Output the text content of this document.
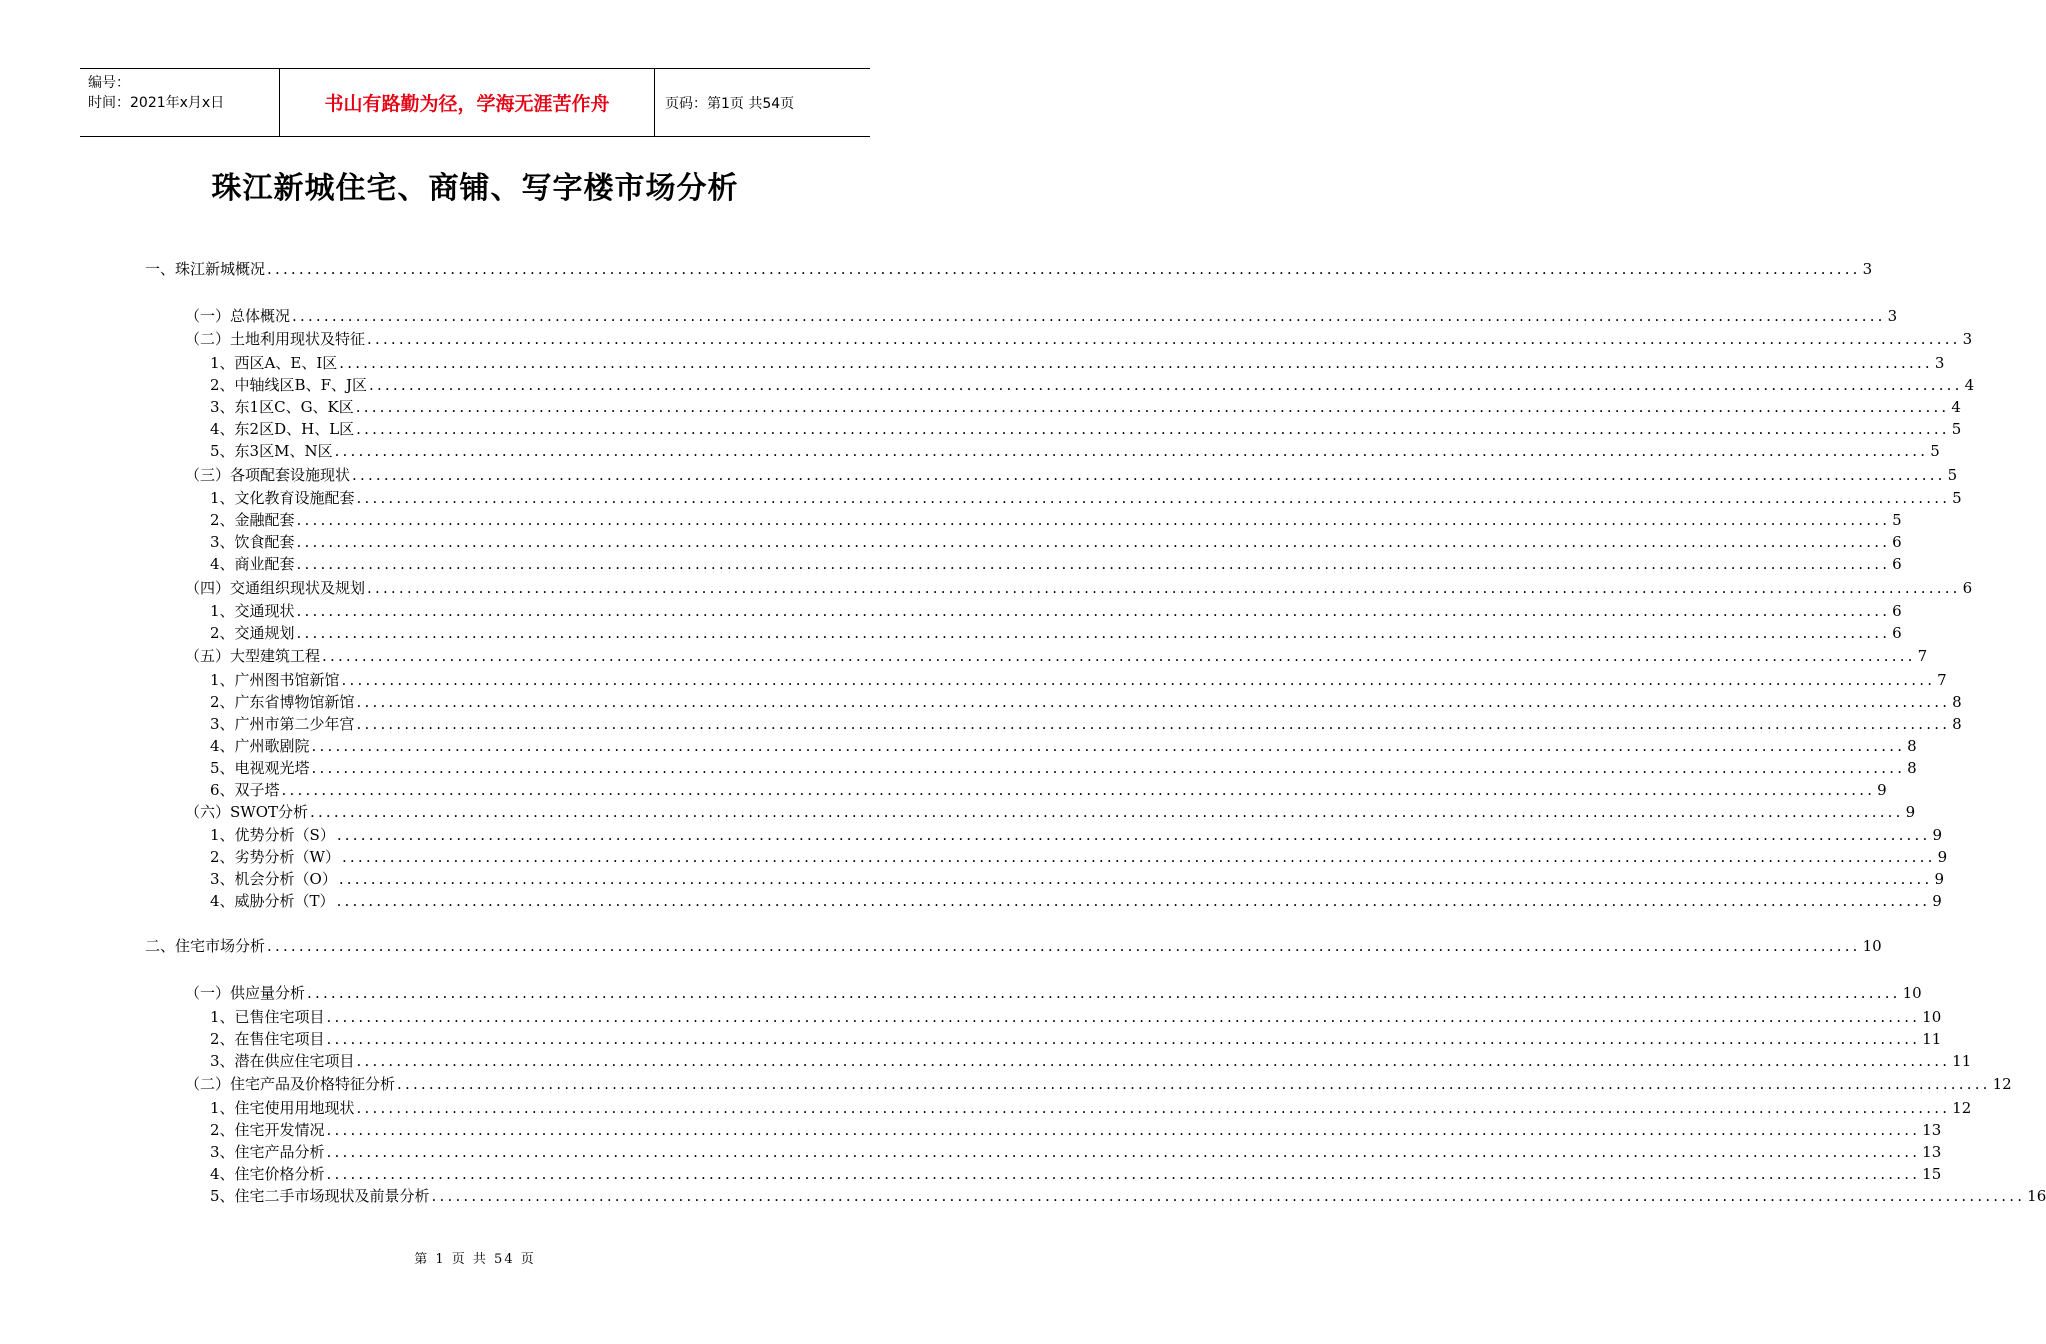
编号：
时间：2021年x月x日	书山有路勤为径，学海无涯苦作舟	页码：第1页 共54页
珠江新城住宅、商铺、写字楼市场分析
一、珠江新城概况 ........................................................................................................................................................................................................ 3
（一）总体概况 ........................................................................................................................................................................................................ 3
（二）土地利用现状及特征 ........................................................................................................................................................................................................ 3
1、西区A、E、I区 ........................................................................................................................................................................................................ 3
2、中轴线区B、F、J区 ........................................................................................................................................................................................................ 4
3、东1区C、G、K区 ........................................................................................................................................................................................................ 4
4、东2区D、H、L区 ........................................................................................................................................................................................................ 5
5、东3区M、N区 ........................................................................................................................................................................................................ 5
（三）各项配套设施现状 ........................................................................................................................................................................................................ 5
1、文化教育设施配套 ........................................................................................................................................................................................................ 5
2、金融配套 ........................................................................................................................................................................................................ 5
3、饮食配套 ........................................................................................................................................................................................................ 6
4、商业配套 ........................................................................................................................................................................................................ 6
（四）交通组织现状及规划 ........................................................................................................................................................................................................ 6
1、交通现状 ........................................................................................................................................................................................................ 6
2、交通规划 ........................................................................................................................................................................................................ 6
（五）大型建筑工程 ........................................................................................................................................................................................................ 7
1、广州图书馆新馆 ........................................................................................................................................................................................................ 7
2、广东省博物馆新馆 ........................................................................................................................................................................................................ 8
3、广州市第二少年宫 ........................................................................................................................................................................................................ 8
4、广州歌剧院 ........................................................................................................................................................................................................ 8
5、电视观光塔 ........................................................................................................................................................................................................ 8
6、双子塔 ........................................................................................................................................................................................................ 9
（六）SWOT分析 ........................................................................................................................................................................................................ 9
1、优势分析（S） ........................................................................................................................................................................................................ 9
2、劣势分析（W） ........................................................................................................................................................................................................ 9
3、机会分析（O） ........................................................................................................................................................................................................ 9
4、威胁分析（T） ........................................................................................................................................................................................................ 9
二、住宅市场分析 ........................................................................................................................................................................................................ 10
（一）供应量分析 ........................................................................................................................................................................................................ 10
1、已售住宅项目 ........................................................................................................................................................................................................ 10
2、在售住宅项目 ........................................................................................................................................................................................................ 11
3、潜在供应住宅项目 ........................................................................................................................................................................................................ 11
（二）住宅产品及价格特征分析 ........................................................................................................................................................................................................ 12
1、住宅使用用地现状 ........................................................................................................................................................................................................ 12
2、住宅开发情况 ........................................................................................................................................................................................................ 13
3、住宅产品分析 ........................................................................................................................................................................................................ 13
4、住宅价格分析 ........................................................................................................................................................................................................ 15
5、住宅二手市场现状及前景分析 ........................................................................................................................................................................................................ 16
第 1 页 共 54 页
